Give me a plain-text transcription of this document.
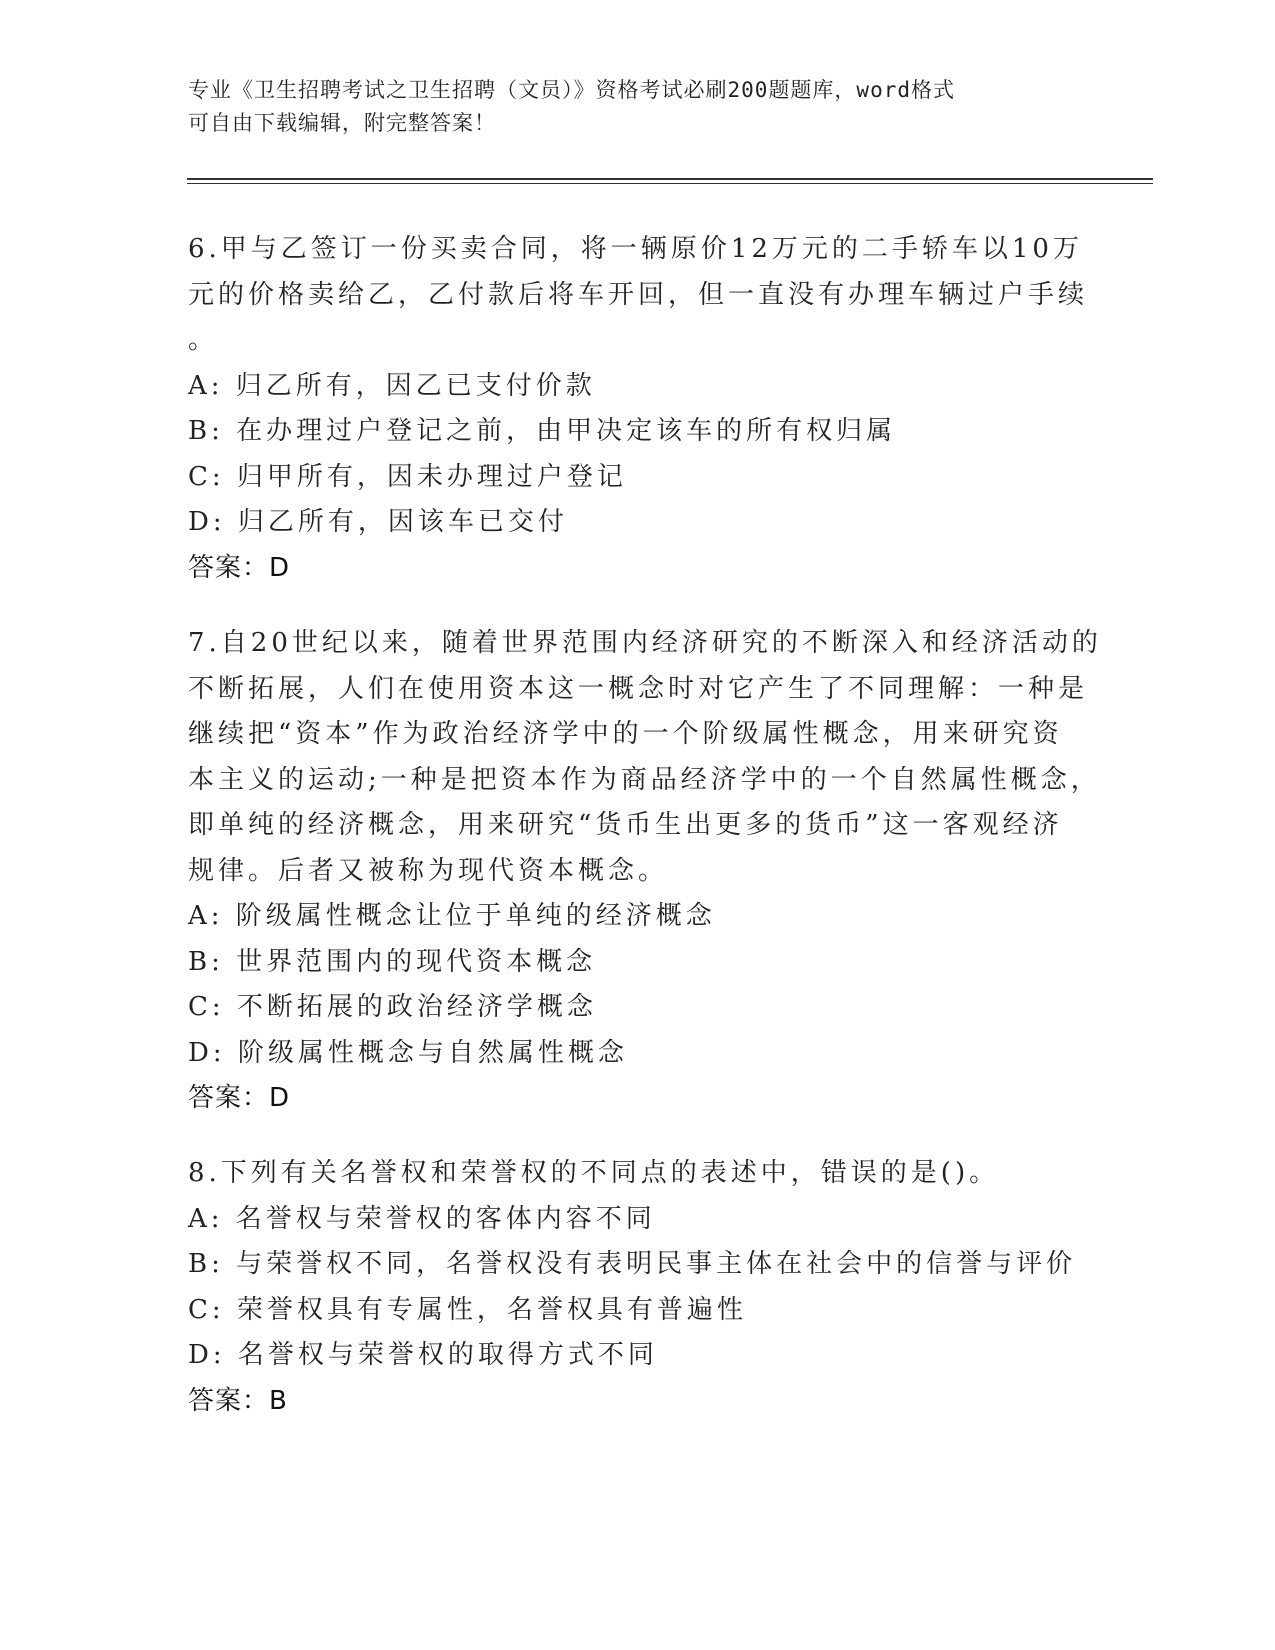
专业《卫生招聘考试之卫生招聘（文员）》资格考试必刷200题题库，word格式
可自由下载编辑，附完整答案！
6.甲与乙签订一份买卖合同，将一辆原价12万元的二手轿车以10万
元的价格卖给乙，乙付款后将车开回，但一直没有办理车辆过户手续
。
A: 归乙所有，因乙已支付价款
B: 在办理过户登记之前，由甲决定该车的所有权归属
C: 归甲所有，因未办理过户登记
D: 归乙所有，因该车已交付
答案：D
7.自20世纪以来，随着世界范围内经济研究的不断深入和经济活动的
不断拓展，人们在使用资本这一概念时对它产生了不同理解：一种是
继续把“资本”作为政治经济学中的一个阶级属性概念，用来研究资
本主义的运动;一种是把资本作为商品经济学中的一个自然属性概念，
即单纯的经济概念，用来研究“货币生出更多的货币”这一客观经济
规律。后者又被称为现代资本概念。
A: 阶级属性概念让位于单纯的经济概念
B: 世界范围内的现代资本概念
C: 不断拓展的政治经济学概念
D: 阶级属性概念与自然属性概念
答案：D
8.下列有关名誉权和荣誉权的不同点的表述中，错误的是()。
A: 名誉权与荣誉权的客体内容不同
B: 与荣誉权不同，名誉权没有表明民事主体在社会中的信誉与评价
C: 荣誉权具有专属性，名誉权具有普遍性
D: 名誉权与荣誉权的取得方式不同
答案：B
